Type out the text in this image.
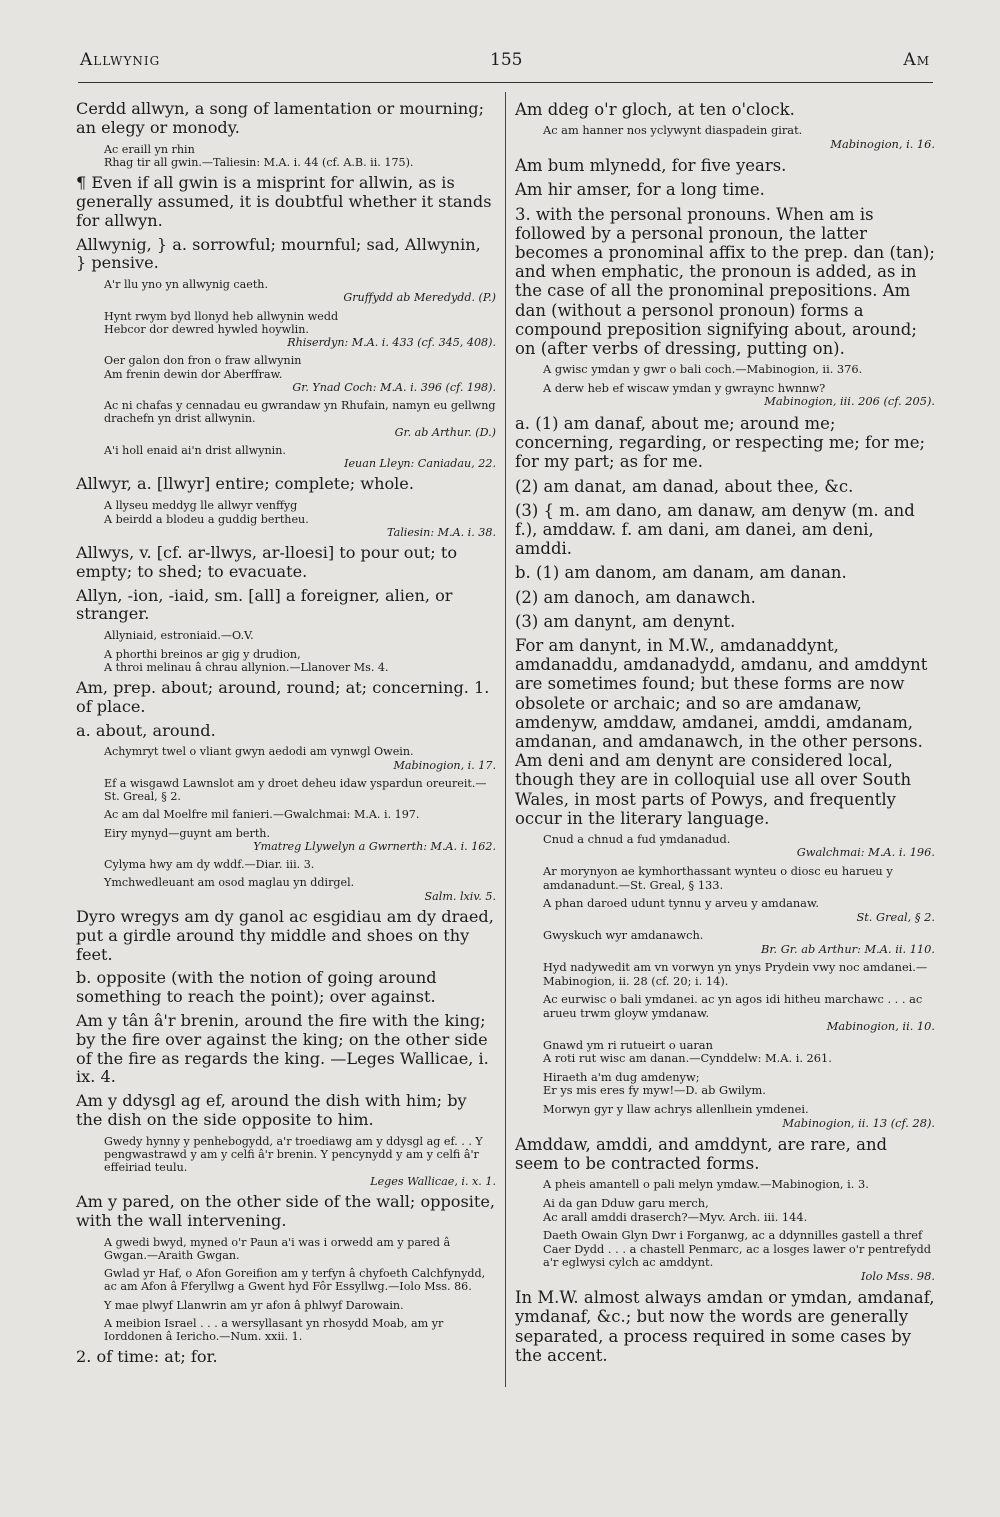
Allwynig	155	Am
Cerdd allwyn, a song of lamentation or mourning; an elegy or monody.
Ac eraill yn rhin
Rhag tir all gwin.—Taliesin: M.A. i. 44 (cf. A.B. ii. 175).
¶ Even if all gwin is a misprint for allwin, as is generally assumed, it is doubtful whether it stands for allwyn.
Allwynig, } a. sorrowful; mournful; sad, Allwynin, } pensive.
A'r llu yno yn allwynig caeth.
Gruffydd ab Meredydd. (P.)
Hynt rwym byd llonyd heb allwynin wedd
Hebcor dor dewred hywled hoywlin.
Rhiserdyn: M.A. i. 433 (cf. 345, 408).
Oer galon don fron o fraw allwynin
Am frenin dewin dor Aberffraw.
Gr. Ynad Coch: M.A. i. 396 (cf. 198).
Ac ni chafas y cennadau eu gwrandaw yn Rhufain, namyn eu gellwng drachefn yn drist allwynin.
Gr. ab Arthur. (D.)
A'i holl enaid ai'n drist allwynin.
Ieuan Lleyn: Caniadau, 22.
Allwyr, a. [llwyr] entire; complete; whole.
A llyseu meddyg lle allwyr venffyg
A beirdd a blodeu a guddig bertheu.
Taliesin: M.A. i. 38.
Allwys, v. [cf. ar-llwys, ar-lloesi] to pour out; to empty; to shed; to evacuate.
Allyn, -ion, -iaid, sm. [all] a foreigner, alien, or stranger.
Allyniaid, estroniaid.—O.V.
A phorthi breinos ar gig y drudion,
A throi melinau â chrau allynion.—Llanover Ms. 4.
Am, prep. about; around, round; at; concerning. 1. of place.
a. about, around.
Achymryt twel o vliant gwyn aedodi am vynwgl Owein.
Mabinogion, i. 17.
Ef a wisgawd Lawnslot am y droet deheu idaw yspardun oreureit.—St. Greal, § 2.
Ac am dal Moelfre mil fanieri.—Gwalchmai: M.A. i. 197.
Eiry mynyd—guynt am berth.
Ymatreg Llywelyn a Gwrnerth: M.A. i. 162.
Cylyma hwy am dy wddf.—Diar. iii. 3.
Ymchwedleuant am osod maglau yn ddirgel.
Salm. lxiv. 5.
Dyro wregys am dy ganol ac esgidiau am dy draed, put a girdle around thy middle and shoes on thy feet.
b. opposite (with the notion of going around something to reach the point); over against.
Am y tân â'r brenin, around the fire with the king; by the fire over against the king; on the other side of the fire as regards the king. —Leges Wallicae, i. ix. 4.
Am y ddysgl ag ef, around the dish with him; by the dish on the side opposite to him.
Gwedy hynny y penhebogydd, a'r troediawg am y ddysgl ag ef. . . Y pengwastrawd y am y celfi â'r brenin. Y pencynydd y am y celfi â'r effeiriad teulu.
Leges Wallicae, i. x. 1.
Am y pared, on the other side of the wall; opposite, with the wall intervening.
A gwedi bwyd, myned o'r Paun a'i was i orwedd am y pared â Gwgan.—Araith Gwgan.
Gwlad yr Haf, o Afon Goreifion am y terfyn â chyfoeth Calchfynydd, ac am Afon â Fferyllwg a Gwent hyd Fôr Essyllwg.—Iolo Mss. 86.
Y mae plwyf Llanwrin am yr afon â phlwyf Darowain.
A meibion Israel . . . a wersyllasant yn rhosydd Moab, am yr Iorddonen â Iericho.—Num. xxii. 1.
2. of time: at; for.
Am ddeg o'r gloch, at ten o'clock.
Ac am hanner nos yclywynt diaspadein girat.
Mabinogion, i. 16.
Am bum mlynedd, for five years.
Am hir amser, for a long time.
3. with the personal pronouns. When am is followed by a personal pronoun, the latter becomes a pronominal affix to the prep. dan (tan); and when emphatic, the pronoun is added, as in the case of all the pronominal prepositions. Am dan (without a personol pronoun) forms a compound preposition signifying about, around; on (after verbs of dressing, putting on).
A gwisc ymdan y gwr o bali coch.—Mabinogion, ii. 376.
A derw heb ef wiscaw ymdan y gwraync hwnnw?
Mabinogion, iii. 206 (cf. 205).
a. (1) am danaf, about me; around me; concerning, regarding, or respecting me; for me; for my part; as for me.
(2) am danat, am danad, about thee, &c.
(3) { m. am dano, am danaw, am denyw (m. and f.), amddaw. f. am dani, am danei, am deni, amddi.
b. (1) am danom, am danam, am danan.
(2) am danoch, am danawch.
(3) am danynt, am denynt.
For am danynt, in M.W., amdanaddynt, amdanaddu, amdanadydd, amdanu, and amddynt are sometimes found; but these forms are now obsolete or archaic; and so are amdanaw, amdenyw, amddaw, amdanei, amddi, amdanam, amdanan, and amdanawch, in the other persons. Am deni and am denynt are considered local, though they are in colloquial use all over South Wales, in most parts of Powys, and frequently occur in the literary language.
Cnud a chnud a fud ymdanadud.
Gwalchmai: M.A. i. 196.
Ar morynyon ae kymhorthassant wynteu o diosc eu harueu y amdanadunt.—St. Greal, § 133.
A phan daroed udunt tynnu y arveu y amdanaw.
St. Greal, § 2.
Gwyskuch wyr amdanawch.
Br. Gr. ab Arthur: M.A. ii. 110.
Hyd nadywedit am vn vorwyn yn ynys Prydein vwy noc amdanei.—Mabinogion, ii. 28 (cf. 20; i. 14).
Ac eurwisc o bali ymdanei. ac yn agos idi hitheu marchawc . . . ac arueu trwm gloyw ymdanaw.
Mabinogion, ii. 10.
Gnawd ym ri rutueirt o uaran
A roti rut wisc am danan.—Cynddelw: M.A. i. 261.
Hiraeth a'm dug amdenyw;
Er ys mis eres fy myw!—D. ab Gwilym.
Morwyn gyr y llaw achrys allenllıein ymdenei.
Mabinogion, ii. 13 (cf. 28).
Amddaw, amddi, and amddynt, are rare, and seem to be contracted forms.
A pheis amantell o pali melyn ymdaw.—Mabinogion, i. 3.
Ai da gan Dduw garu merch,
Ac arall amddi draserch?—Myv. Arch. iii. 144.
Daeth Owain Glyn Dwr i Forganwg, ac a ddynnilles gastell a thref Caer Dydd . . . a chastell Penmarc, ac a losges lawer o'r pentrefydd a'r eglwysi cylch ac amddynt.
Iolo Mss. 98.
In M.W. almost always amdan or ymdan, amdanaf, ymdanaf, &c.; but now the words are generally separated, a process required in some cases by the accent.
